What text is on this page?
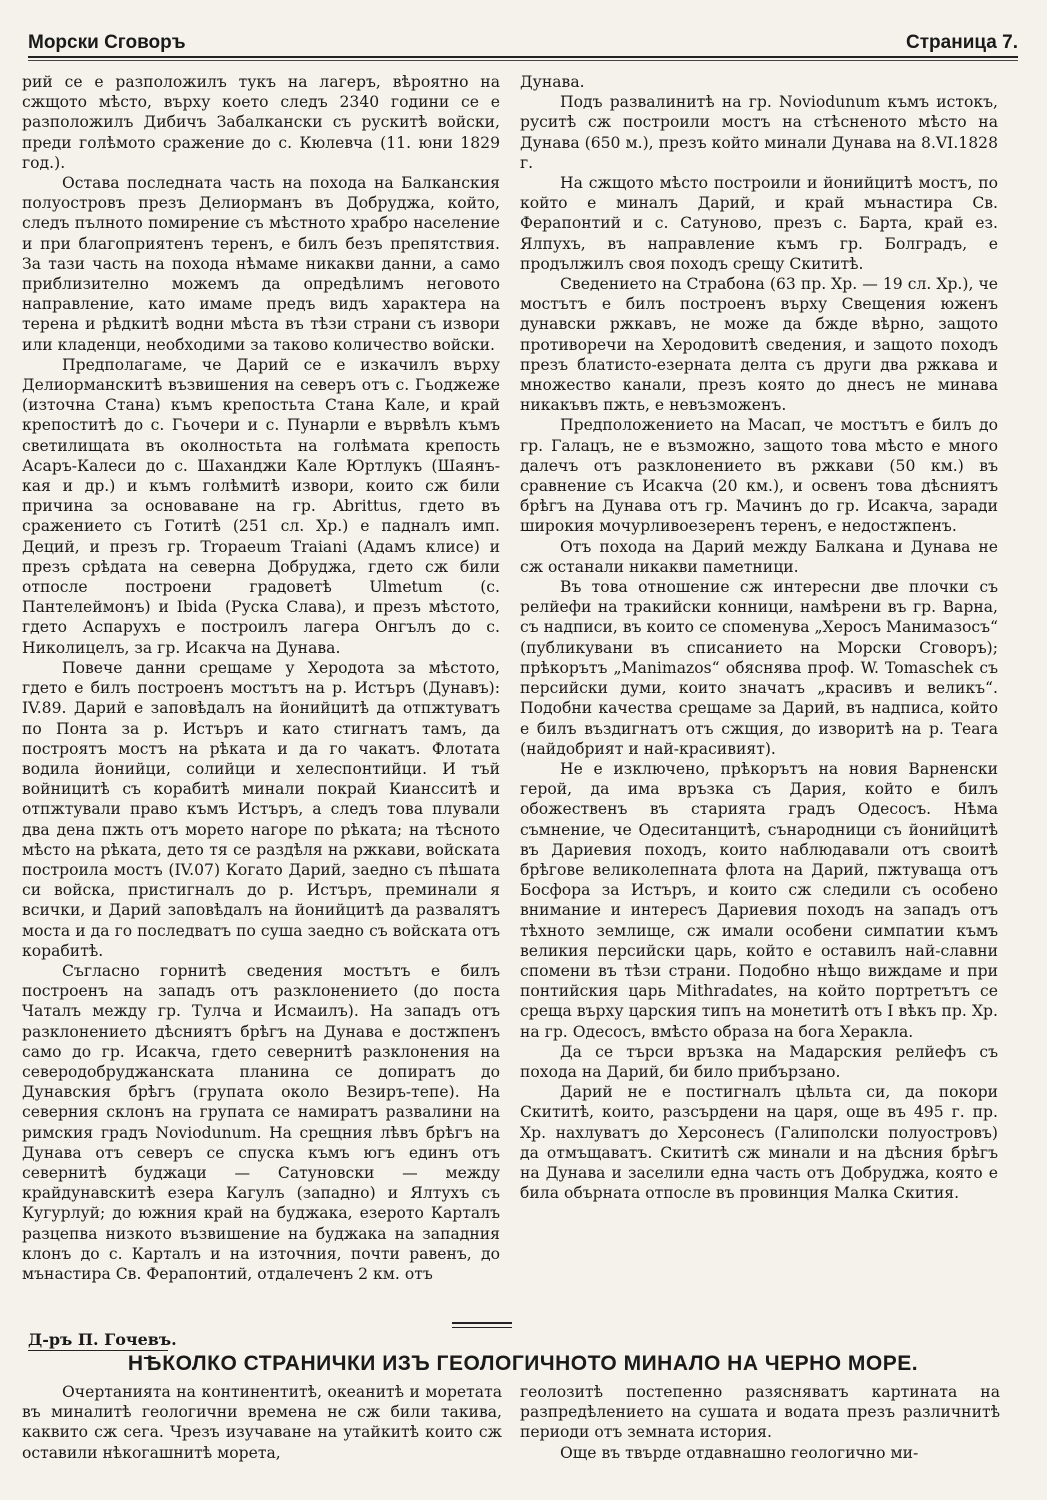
Морски Сговоръ	Страница 7.

рий се е разположилъ тукъ на лагеръ, вѣроятно на сжщото мѣсто, върху което следъ 2340 години се е разположилъ Дибичъ Забалкански съ рускитѣ войски, преди голѣмото сражение до с. Кюлевча (11. юни 1829 год.).

Остава последната часть на похода на Балканския полуостровъ презъ Делиорманъ въ Добруджа, който, следъ пълното помирение съ мѣстното храбро население и при благоприятенъ теренъ, е билъ безъ препятствия. За тази часть на похода нѣмаме никакви данни, а само приблизително можемъ да опредѣлимъ неговото направление, като имаме предъ видъ характера на терена и рѣдкитѣ водни мѣста въ тѣзи страни съ извори или кладенци, необходими за таково количество войски.

Предполагаме, че Дарий се е изкачилъ върху Делиорманскитѣ възвишения на северъ отъ с. Гьоджеже (източна Стана) къмъ крепостьта Стана Кале, и край крепоститѣ до с. Гьочери и с. Пунарли е вървѣлъ къмъ светилищата въ околностьта на голѣмата крепость Асаръ-Калеси до с. Шаханджи Кале Юртлукъ (Шаянъ-кая и др.) и къмъ голѣмитѣ извори, които сж били причина за основаване на гр. Abrittus, гдето въ сражението съ Готитѣ (251 сл. Хр.) е падналъ имп. Деций, и презъ гр. Tropaeum Traiani (Адамъ клисе) и презъ срѣдата на северна Добруджа, гдето сж били отпосле построени градоветѣ Ulmetum (с. Пантелеймонъ) и Ibida (Руска Слава), и презъ мѣстото, гдето Аспарухъ е построилъ лагера Онгълъ до с. Николицелъ, за гр. Исакча на Дунава.

Повече данни срещаме у Херодота за мѣстото, гдето е билъ построенъ мостътъ на р. Истъръ (Дунавъ): IV.89. Дарий е заповѣдалъ на йонийцитѣ да отпжтуватъ по Понта за р. Истъръ и като стигнатъ тамъ, да построятъ мостъ на рѣката и да го чакатъ. Флотата водила йонийци, солийци и хелеспонтийци. И тъй войницитѣ съ корабитѣ минали покрай Киансситѣ и отпжтували право къмъ Истъръ, а следъ това плували два дена пжть отъ морето нагоре по рѣката; на тѣсното мѣсто на рѣката, дето тя се раздѣля на ржкави, войската построила мостъ (IV.07) Когато Дарий, заедно съ пѣшата си войска, пристигналъ до р. Истъръ, преминали я всички, и Дарий заповѣдалъ на йонийцитѣ да развалятъ моста и да го последватъ по суша заедно съ войската отъ корабитѣ.

Съгласно горнитѣ сведения мостътъ е билъ построенъ на западъ отъ разклонението (до поста Чаталъ между гр. Тулча и Исмаилъ). На западъ отъ разклонението дѣсниятъ брѣгъ на Дунава е достжпенъ само до гр. Исакча, гдето севернитѣ разклонения на северодобруджанската планина се допиратъ до Дунавския брѣгъ (групата около Везиръ-тепе). На северния склонъ на групата се намиратъ развалини на римския градъ Noviodunum. На срещния лѣвъ брѣгъ на Дунава отъ северъ се спуска къмъ югъ единъ отъ севернитѣ буджаци — Сатуновски — между крайдунавскитѣ езера Кагулъ (западно) и Ялтухъ съ Кугурлуй; до южния край на буджака, езерото Карталъ разцепва низкото възвишение на буджака на западния клонъ до с. Карталъ и на източния, почти равенъ, до мънастира Св. Ферапонтий, отдалеченъ 2 км. отъ

Дунава.

Подъ развалинитѣ на гр. Noviodunum къмъ истокъ, руситѣ сж построили мостъ на стѣсненото мѣсто на Дунава (650 м.), презъ който минали Дунава на 8.VI.1828 г.

На сжщото мѣсто построили и йонийцитѣ мостъ, по който е миналъ Дарий, и край мънастира Св. Ферапонтий и с. Сатуново, презъ с. Барта, край ез. Ялпухъ, въ направление къмъ гр. Болградъ, е продължилъ своя походъ срещу Скититѣ.

Сведението на Страбона (63 пр. Хр. — 19 сл. Хр.), че мостътъ е билъ построенъ върху Свещения юженъ дунавски ржкавъ, не може да бжде вѣрно, защото противоречи на Херодовитѣ сведения, и защото походъ презъ блатисто-езерната делта съ други два ржкава и множество канали, презъ която до днесъ не минава никакъвъ пжть, е невъзможенъ.

Предположението на Масап, че мостътъ е билъ до гр. Галацъ, не е възможно, защото това мѣсто е много далечъ отъ разклонението въ ржкави (50 км.) въ сравнение съ Исакча (20 км.), и освенъ това дѣсниятъ брѣгъ на Дунава отъ гр. Мачинъ до гр. Исакча, заради широкия мочурливоезеренъ теренъ, е недостжпенъ.

Отъ похода на Дарий между Балкана и Дунава не сж останали никакви паметници.

Въ това отношение сж интересни две плочки съ релйефи на тракийски конници, намѣрени въ гр. Варна, съ надписи, въ които се споменува „Херосъ Манимазосъ“ (публикувани въ списанието на Морски Сговоръ); прѣкорътъ „Manimazos“ обяснява проф. W. Tomaschek съ персийски думи, които значатъ „красивъ и великъ“. Подобни качества срещаме за Дарий, въ надписа, който е билъ въздигнатъ отъ сжщия, до изворитѣ на р. Теага (найдобрият и най-красивият).

Не е изключено, прѣкорътъ на новия Варненски герой, да има връзка съ Дария, който е билъ обожественъ въ старията градъ Одесосъ. Нѣма съмнение, че Одеситанцитѣ, сънародници съ йонийцитѣ въ Дариевия походъ, които наблюдавали отъ своитѣ брѣгове великолепната флота на Дарий, пжтуваща отъ Босфора за Истъръ, и които сж следили съ особено внимание и интересъ Дариевия походъ на западъ отъ тѣхното землище, сж имали особени симпатии къмъ великия персийски царь, който е оставилъ най-славни спомени въ тѣзи страни. Подобно нѣщо виждаме и при понтийския царь Mithradates, на който портретътъ се среща върху царския типъ на монетитѣ отъ I вѣкъ пр. Хр. на гр. Одесосъ, вмѣсто образа на бога Херакла.

Да се търси връзка на Мадарския релйефъ съ похода на Дарий, би било прибързано.

Дарий не е постигналъ цѣльта си, да покори Скититѣ, които, разсърдени на царя, още въ 495 г. пр. Хр. нахлуватъ до Херсонесъ (Галиполски полуостровъ) да отмъщаватъ. Скититѣ сж минали и на дѣсния брѣгъ на Дунава и заселили една часть отъ Добруджа, която е била обърната отпосле въ провинция Малка Скития.

Д-ръ П. Гочевъ.
НѢКОЛКО СТРАНИЧКИ ИЗЪ ГЕОЛОГИЧНОТО МИНАЛО НА ЧЕРНО МОРЕ.

Очертанията на континентитѣ, океанитѣ и моретата въ миналитѣ геологични времена не сж били такива, каквито сж сега. Чрезъ изучаване на утайкитѣ които сж оставили нѣкогашнитѣ морета,

геолозитѣ постепенно разясняватъ картината на разпредѣлението на сушата и водата презъ различнитѣ периоди отъ земната история.

Още въ твърде отдавнашно геологично ми-
